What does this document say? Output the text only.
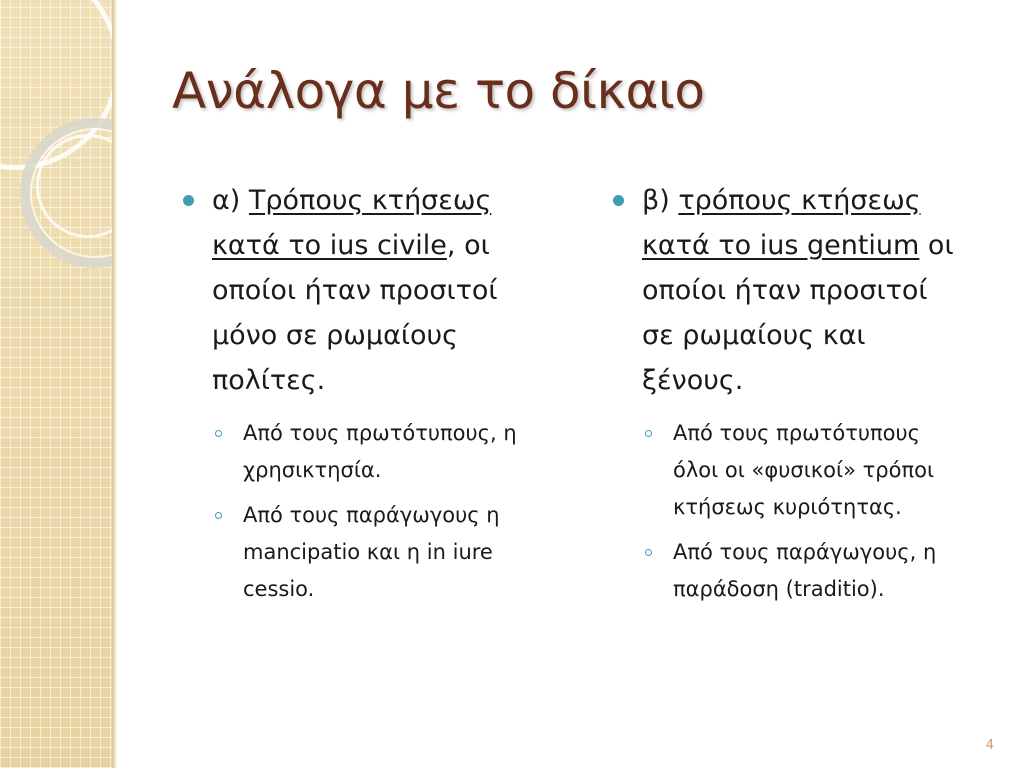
Ανάλογα με το δίκαιο
α) Τρόπους κτήσεως κατά το ius civile, οι οποίοι ήταν προσιτοί μόνο σε ρωμαίους πολίτες.
Από τους πρωτότυπους, η χρησικτησία.
Από τους παράγωγους η mancipatio και η in iure cessio.
β) τρόπους κτήσεως κατά το ius gentium οι οποίοι ήταν προσιτοί σε ρωμαίους και ξένους.
Από τους πρωτότυπους όλοι οι «φυσικοί» τρόποι κτήσεως κυριότητας.
Από τους παράγωγους, η παράδοση (traditio).
4
